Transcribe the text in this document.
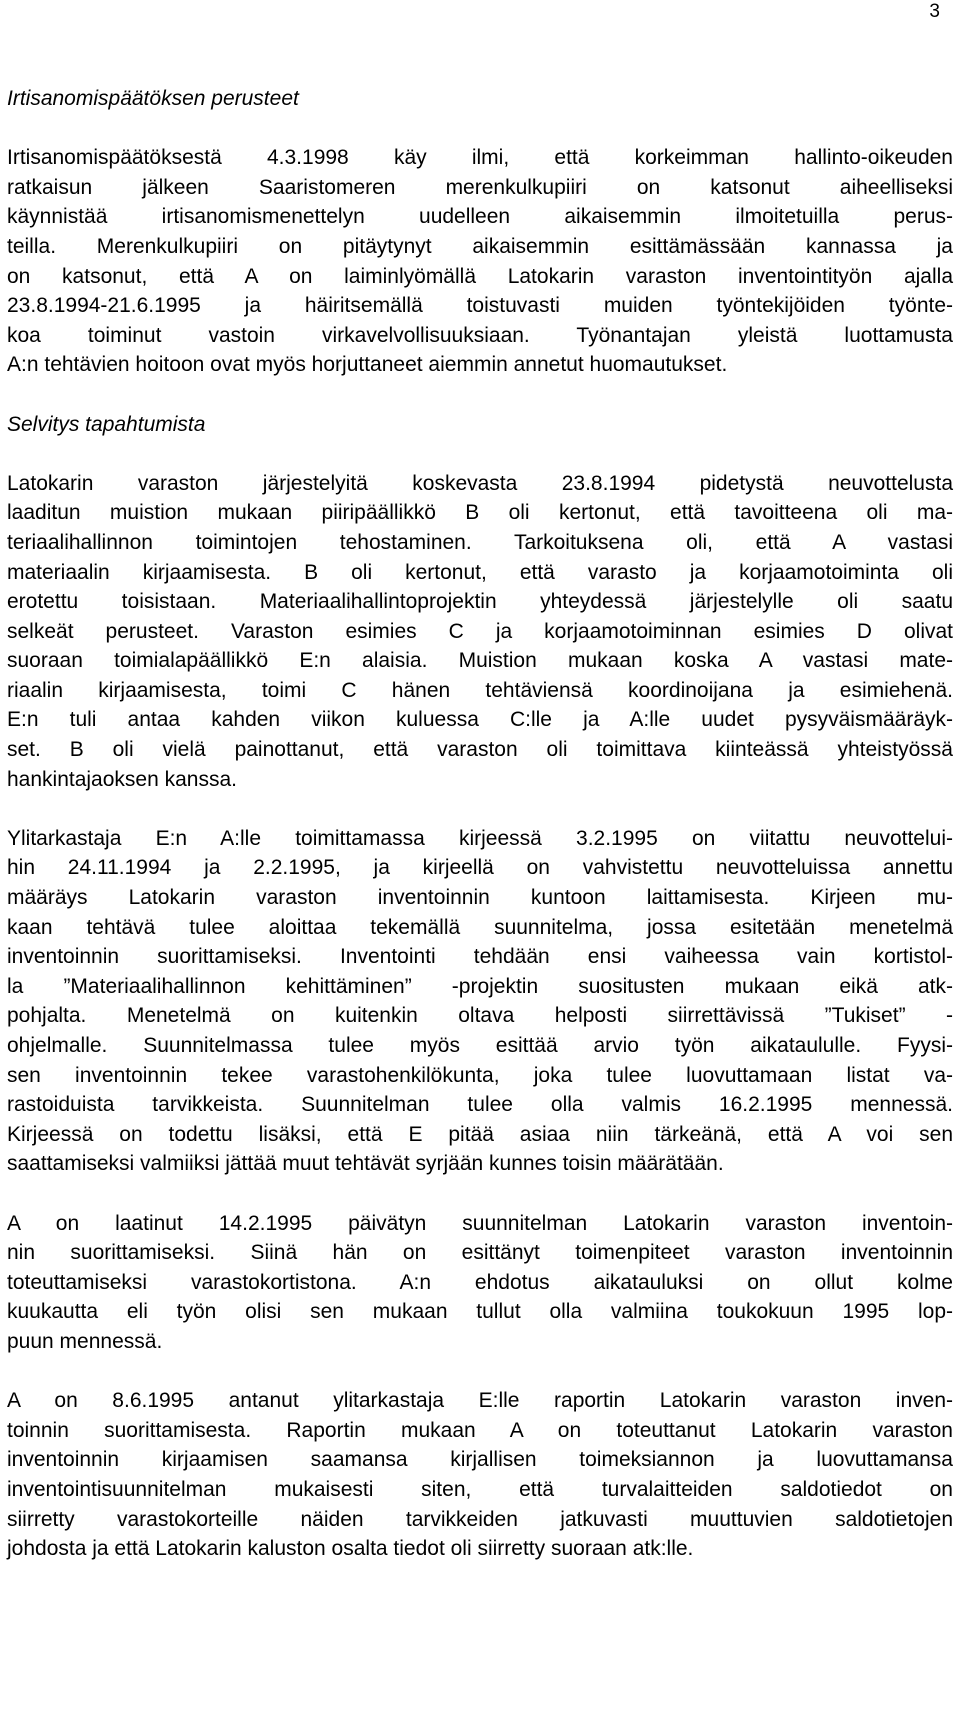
3

Irtisanomispäätöksen perusteet

Irtisanomispäätöksestä 4.3.1998 käy ilmi, että korkeimman hallinto-oikeuden
ratkaisun jälkeen Saaristomeren merenkulkupiiri on katsonut aiheelliseksi
käynnistää irtisanomismenettelyn uudelleen aikaisemmin ilmoitetuilla perus-
teilla. Merenkulkupiiri on pitäytynyt aikaisemmin esittämässään kannassa ja
on katsonut, että A on laiminlyömällä Latokarin varaston inventointityön ajalla
23.8.1994-21.6.1995 ja häiritsemällä toistuvasti muiden työntekijöiden työnte-
koa toiminut vastoin virkavelvollisuuksiaan. Työnantajan yleistä luottamusta
A:n tehtävien hoitoon ovat myös horjuttaneet aiemmin annetut huomautukset.

Selvitys tapahtumista

Latokarin varaston järjestelyitä koskevasta 23.8.1994 pidetystä neuvottelusta
laaditun muistion mukaan piiripäällikkö B oli kertonut, että tavoitteena oli ma-
teriaalihallinnon toimintojen tehostaminen. Tarkoituksena oli, että A vastasi
materiaalin kirjaamisesta. B oli kertonut, että varasto ja korjaamotoiminta oli
erotettu toisistaan. Materiaalihallintoprojektin yhteydessä järjestelylle oli saatu
selkeät perusteet. Varaston esimies C ja korjaamotoiminnan esimies D olivat
suoraan toimialapäällikkö E:n alaisia. Muistion mukaan koska A vastasi mate-
riaalin kirjaamisesta, toimi C hänen tehtäviensä koordinoijana ja esimiehenä.
E:n tuli antaa kahden viikon kuluessa C:lle ja A:lle uudet pysyväismääräyk-
set. B oli vielä painottanut, että varaston oli toimittava kiinteässä yhteistyössä
hankintajaoksen kanssa.
Ylitarkastaja E:n A:lle toimittamassa kirjeessä 3.2.1995 on viitattu neuvottelui-
hin 24.11.1994 ja 2.2.1995, ja kirjeellä on vahvistettu neuvotteluissa annettu
määräys Latokarin varaston inventoinnin kuntoon laittamisesta. Kirjeen mu-
kaan tehtävä tulee aloittaa tekemällä suunnitelma, jossa esitetään menetelmä
inventoinnin suorittamiseksi. Inventointi tehdään ensi vaiheessa vain kortistol-
la ”Materiaalihallinnon kehittäminen” -projektin suositusten mukaan eikä atk-
pohjalta. Menetelmä on kuitenkin oltava helposti siirrettävissä ”Tukiset” -
ohjelmalle. Suunnitelmassa tulee myös esittää arvio työn aikataululle. Fyysi-
sen inventoinnin tekee varastohenkilökunta, joka tulee luovuttamaan listat va-
rastoiduista tarvikkeista. Suunnitelman tulee olla valmis 16.2.1995 mennessä.
Kirjeessä on todettu lisäksi, että E pitää asiaa niin tärkeänä, että A voi sen
saattamiseksi valmiiksi jättää muut tehtävät syrjään kunnes toisin määrätään.
A on laatinut 14.2.1995 päivätyn suunnitelman Latokarin varaston inventoin-
nin suorittamiseksi. Siinä hän on esittänyt toimenpiteet varaston inventoinnin
toteuttamiseksi varastokortistona. A:n ehdotus aikatauluksi on ollut kolme
kuukautta eli työn olisi sen mukaan tullut olla valmiina toukokuun 1995 lop-
puun mennessä.
A on 8.6.1995 antanut ylitarkastaja E:lle raportin Latokarin varaston inven-
toinnin suorittamisesta. Raportin mukaan A on toteuttanut Latokarin varaston
inventoinnin kirjaamisen saamansa kirjallisen toimeksiannon ja luovuttamansa
inventointisuunnitelman mukaisesti siten, että turvalaitteiden saldotiedot on
siirretty varastokorteille näiden tarvikkeiden jatkuvasti muuttuvien saldotietojen
johdosta ja että Latokarin kaluston osalta tiedot oli siirretty suoraan atk:lle.
